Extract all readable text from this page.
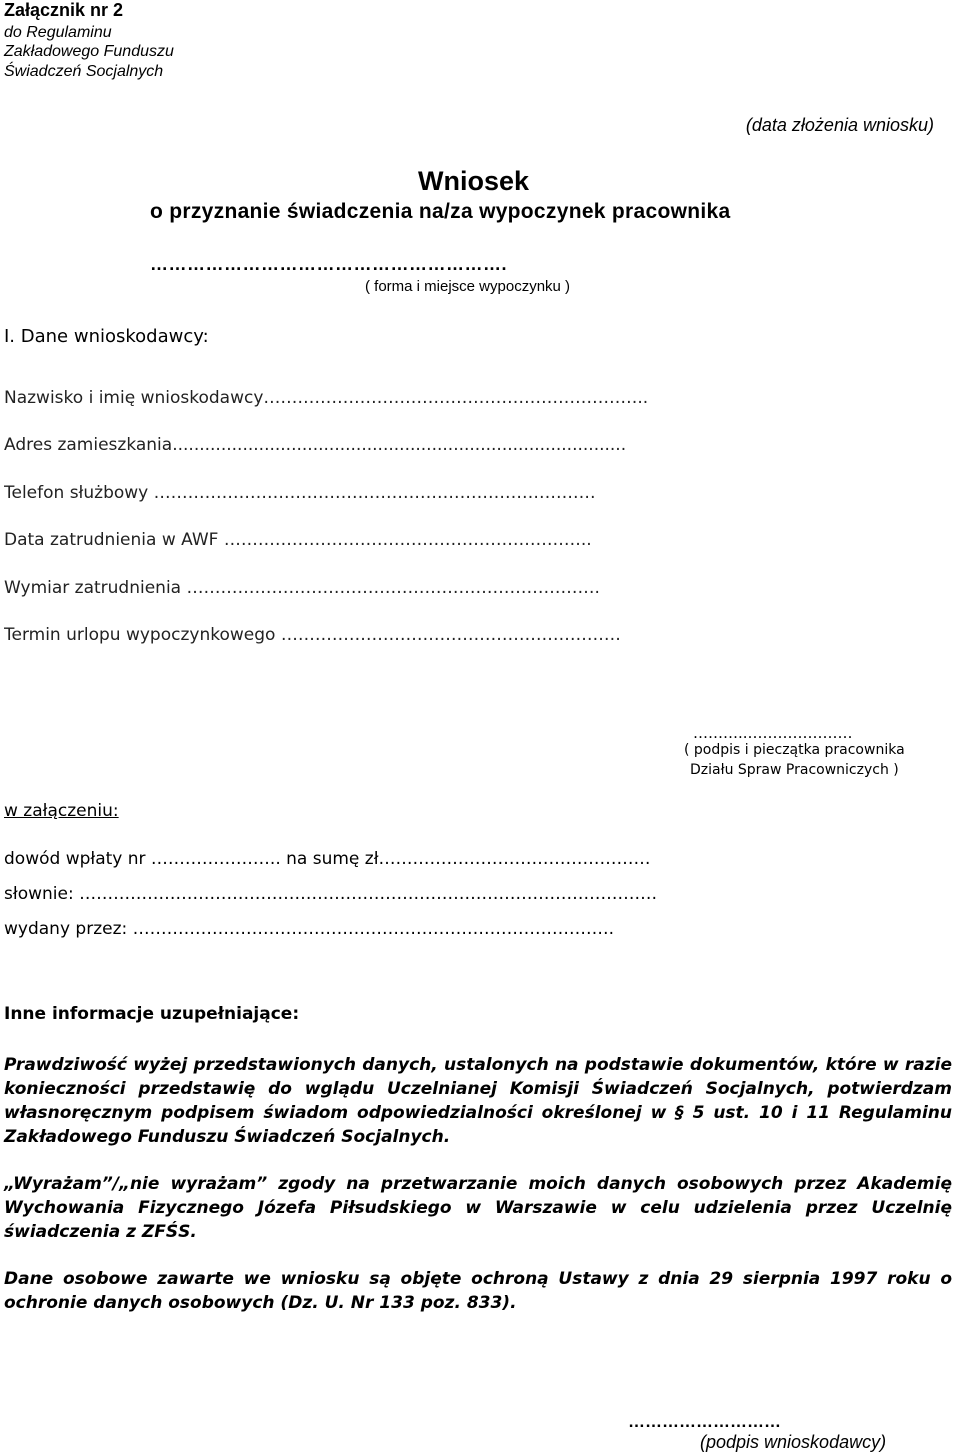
Załącznik nr 2
do Regulaminu
Zakładowego Funduszu
Świadczeń Socjalnych
(data złożenia wniosku)
Wniosek
o przyznanie świadczenia na/za wypoczynek pracownika
………………………………………………….
( forma i miejsce wypoczynku )
I. Dane wnioskodawcy:
Nazwisko i imię wnioskodawcy…………………………………………………………..
Adres zamieszkania....................................................................................
Telefon służbowy ……………………………………………………………………
Data zatrudnienia w AWF ………………………………………………………..
Wymiar zatrudnienia ……………………………………………………………….
Termin urlopu wypoczynkowego ……………………………………………………
………..…………………
( podpis i pieczątka pracownika
Działu Spraw Pracowniczych )
w załączeniu:
dowód wpłaty nr ………………….. na sumę zł…………………………………………
słownie: …………………………………………………………………………………………
wydany przez: ………………………………………………………………………….
Inne informacje uzupełniające:
Prawdziwość wyżej przedstawionych danych, ustalonych na podstawie dokumentów, które w razie konieczności przedstawię do wglądu Uczelnianej Komisji Świadczeń Socjalnych, potwierdzam własnoręcznym podpisem świadom odpowiedzialności określonej w § 5 ust. 10 i 11 Regulaminu Zakładowego Funduszu Świadczeń Socjalnych.
„Wyrażam”/„nie wyrażam” zgody na przetwarzanie moich danych osobowych przez Akademię Wychowania Fizycznego Józefa Piłsudskiego w Warszawie w celu udzielenia przez Uczelnię świadczenia z ZFŚS.
Dane osobowe zawarte we wniosku są objęte ochroną Ustawy z dnia 29 sierpnia 1997 roku o ochronie danych osobowych (Dz. U. Nr 133 poz. 833).
………………………
(podpis wnioskodawcy)
